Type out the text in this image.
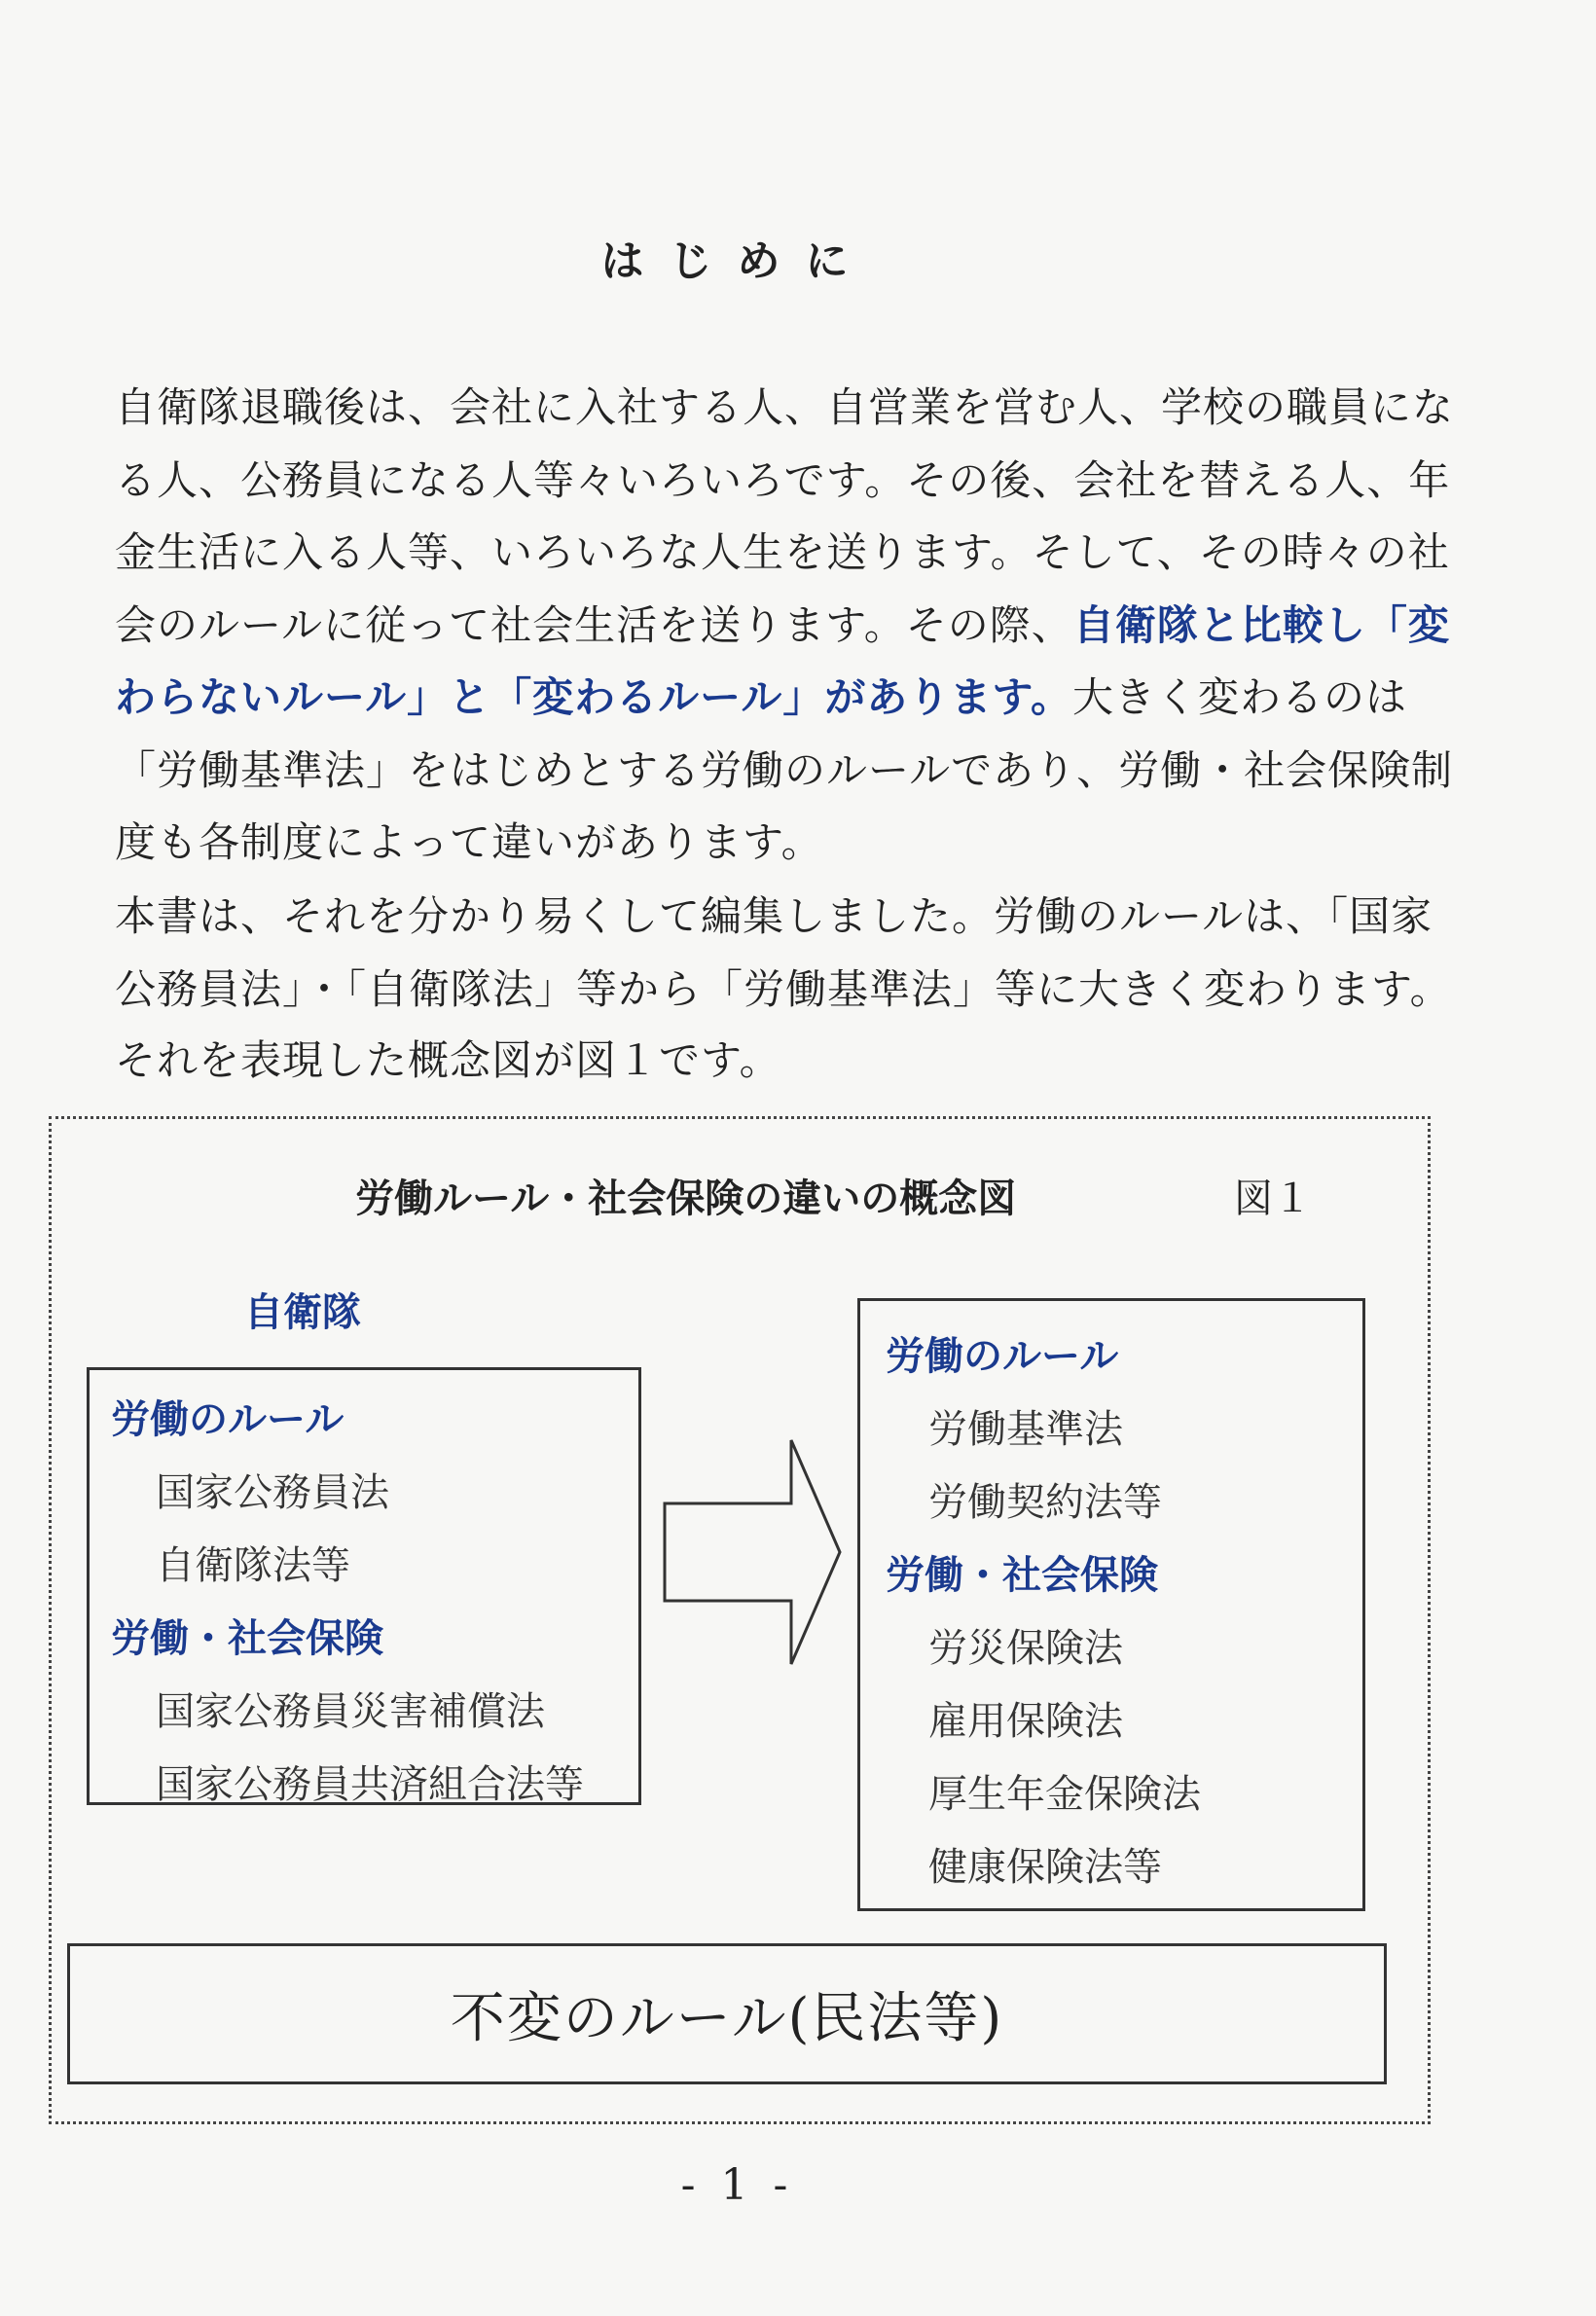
はじめに
自衛隊退職後は、会社に入社する人、自営業を営む人、学校の職員になる人、公務員になる人等々いろいろです。その後、会社を替える人、年金生活に入る人等、いろいろな人生を送ります。そして、その時々の社会のルールに従って社会生活を送ります。その際、自衛隊と比較し「変わらないルール」と「変わるルール」があります。大きく変わるのは「労働基準法」をはじめとする労働のルールであり、労働・社会保険制度も各制度によって違いがあります。
本書は、それを分かり易くして編集しました。労働のルールは、「国家公務員法」・「自衛隊法」等から「労働基準法」等に大きく変わります。
それを表現した概念図が図１です。
労働ルール・社会保険の違いの概念図	図１
自衛隊
労働のルール
国家公務員法
自衛隊法等
労働・社会保険
国家公務員災害補償法
国家公務員共済組合法等
労働のルール
労働基準法
労働契約法等
労働・社会保険
労災保険法
雇用保険法
厚生年金保険法
健康保険法等
不変のルール(民法等)
- 1 -
